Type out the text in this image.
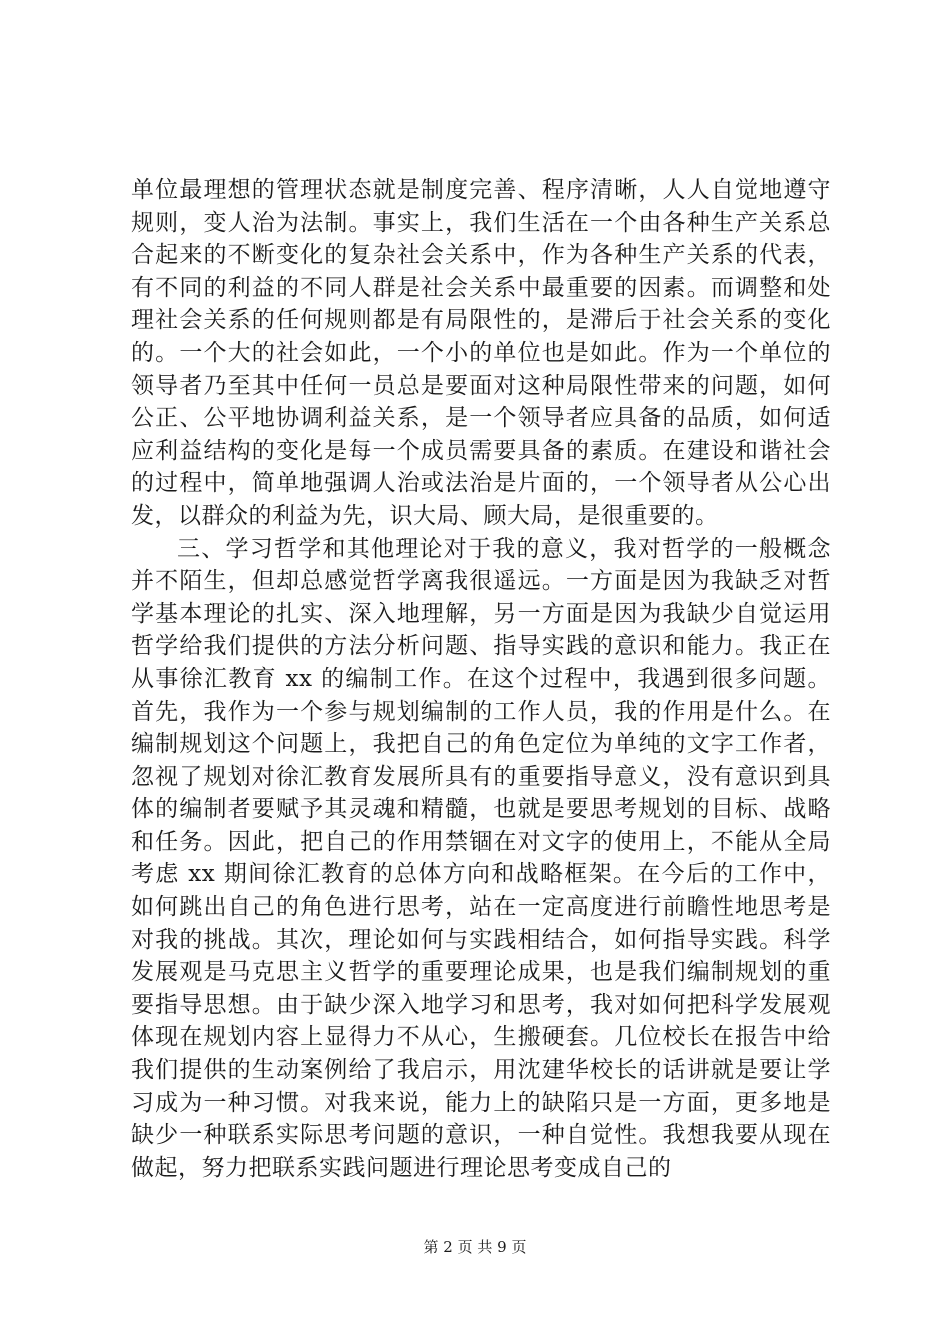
单位最理想的管理状态就是制度完善、程序清晰，人人自觉地遵守规则，变人治为法制。事实上，我们生活在一个由各种生产关系总合起来的不断变化的复杂社会关系中，作为各种生产关系的代表，有不同的利益的不同人群是社会关系中最重要的因素。而调整和处理社会关系的任何规则都是有局限性的，是滞后于社会关系的变化的。一个大的社会如此，一个小的单位也是如此。作为一个单位的领导者乃至其中任何一员总是要面对这种局限性带来的问题，如何公正、公平地协调利益关系，是一个领导者应具备的品质，如何适应利益结构的变化是每一个成员需要具备的素质。在建设和谐社会的过程中，简单地强调人治或法治是片面的，一个领导者从公心出发，以群众的利益为先，识大局、顾大局，是很重要的。

三、学习哲学和其他理论对于我的意义，我对哲学的一般概念并不陌生，但却总感觉哲学离我很遥远。一方面是因为我缺乏对哲学基本理论的扎实、深入地理解，另一方面是因为我缺少自觉运用哲学给我们提供的方法分析问题、指导实践的意识和能力。我正在从事徐汇教育 xx 的编制工作。在这个过程中，我遇到很多问题。首先，我作为一个参与规划编制的工作人员，我的作用是什么。在编制规划这个问题上，我把自己的角色定位为单纯的文字工作者，忽视了规划对徐汇教育发展所具有的重要指导意义，没有意识到具体的编制者要赋予其灵魂和精髓，也就是要思考规划的目标、战略和任务。因此，把自己的作用禁锢在对文字的使用上，不能从全局考虑 xx 期间徐汇教育的总体方向和战略框架。在今后的工作中，如何跳出自己的角色进行思考，站在一定高度进行前瞻性地思考是对我的挑战。其次，理论如何与实践相结合，如何指导实践。科学发展观是马克思主义哲学的重要理论成果，也是我们编制规划的重要指导思想。由于缺少深入地学习和思考，我对如何把科学发展观体现在规划内容上显得力不从心，生搬硬套。几位校长在报告中给我们提供的生动案例给了我启示，用沈建华校长的话讲就是要让学习成为一种习惯。对我来说，能力上的缺陷只是一方面，更多地是缺少一种联系实际思考问题的意识，一种自觉性。我想我要从现在做起，努力把联系实践问题进行理论思考变成自己的

第 2 页 共 9 页
